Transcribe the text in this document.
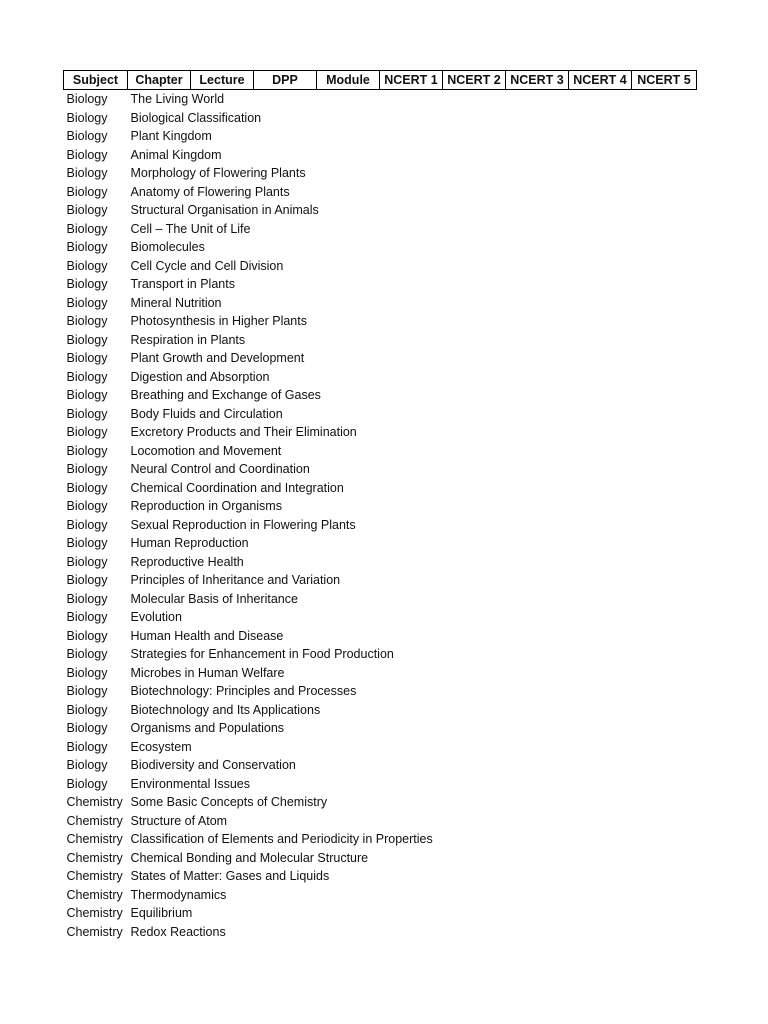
Subject	Chapter	Lecture	DPP	Module	NCERT 1	NCERT 2	NCERT 3	NCERT 4	NCERT 5
Biology	The Living World								
Biology	Biological Classification								
Biology	Plant Kingdom								
Biology	Animal Kingdom								
Biology	Morphology of Flowering Plants								
Biology	Anatomy of Flowering Plants								
Biology	Structural Organisation in Animals								
Biology	Cell – The Unit of Life								
Biology	Biomolecules								
Biology	Cell Cycle and Cell Division								
Biology	Transport in Plants								
Biology	Mineral Nutrition								
Biology	Photosynthesis in Higher Plants								
Biology	Respiration in Plants								
Biology	Plant Growth and Development								
Biology	Digestion and Absorption								
Biology	Breathing and Exchange of Gases								
Biology	Body Fluids and Circulation								
Biology	Excretory Products and Their Elimination								
Biology	Locomotion and Movement								
Biology	Neural Control and Coordination								
Biology	Chemical Coordination and Integration								
Biology	Reproduction in Organisms								
Biology	Sexual Reproduction in Flowering Plants								
Biology	Human Reproduction								
Biology	Reproductive Health								
Biology	Principles of Inheritance and Variation								
Biology	Molecular Basis of Inheritance								
Biology	Evolution								
Biology	Human Health and Disease								
Biology	Strategies for Enhancement in Food Production								
Biology	Microbes in Human Welfare								
Biology	Biotechnology: Principles and Processes								
Biology	Biotechnology and Its Applications								
Biology	Organisms and Populations								
Biology	Ecosystem								
Biology	Biodiversity and Conservation								
Biology	Environmental Issues								
Chemistry	Some Basic Concepts of Chemistry								
Chemistry	Structure of Atom								
Chemistry	Classification of Elements and Periodicity in Properties								
Chemistry	Chemical Bonding and Molecular Structure								
Chemistry	States of Matter: Gases and Liquids								
Chemistry	Thermodynamics								
Chemistry	Equilibrium								
Chemistry	Redox Reactions								
